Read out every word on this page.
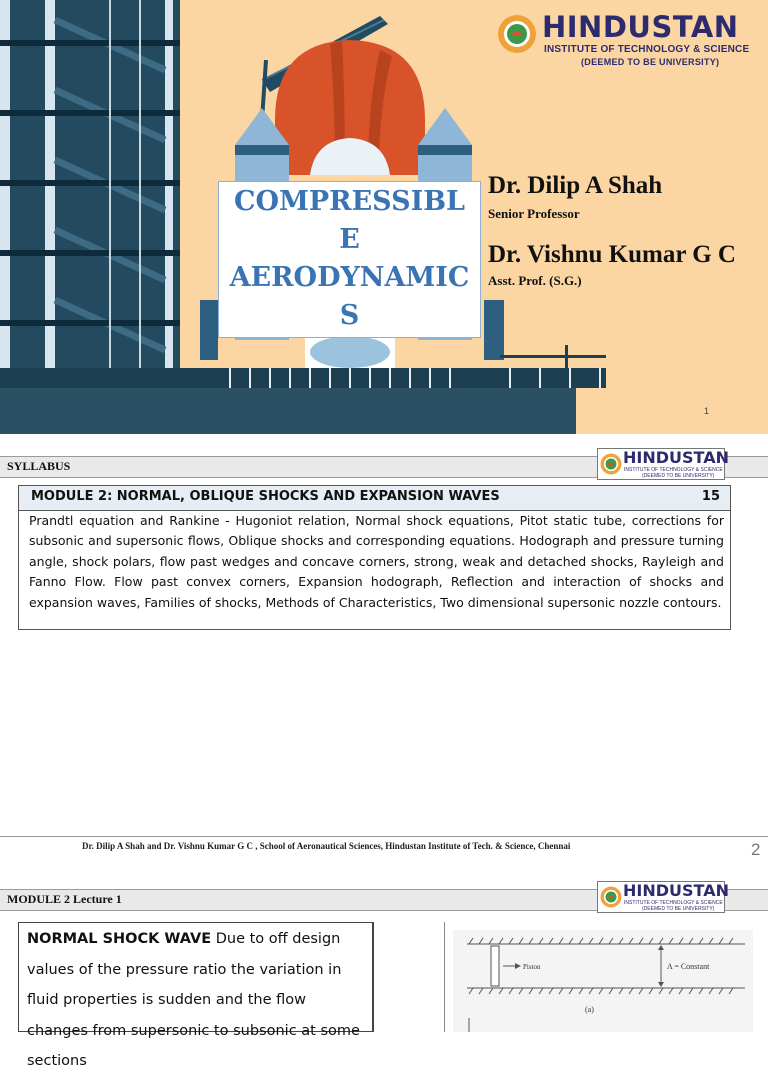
HINDUSTAN
INSTITUTE OF TECHNOLOGY & SCIENCE
(DEEMED TO BE UNIVERSITY)
COMPRESSIBL
E
AERODYNAMIC
S
Dr. Dilip A Shah
Senior Professor
Dr. Vishnu Kumar G C
Asst. Prof. (S.G.)
1
SYLLABUS	HINDUSTAN
INSTITUTE OF TECHNOLOGY & SCIENCE
(DEEMED TO BE UNIVERSITY)
MODULE 2: NORMAL, OBLIQUE SHOCKS AND EXPANSION WAVES	15
Prandtl equation and Rankine - Hugoniot relation, Normal shock equations, Pitot static tube, corrections for subsonic and supersonic flows, Oblique shocks and corresponding equations. Hodograph and pressure turning angle, shock polars, flow past wedges and concave corners, strong, weak and detached shocks, Rayleigh and Fanno Flow. Flow past convex corners, Expansion hodograph, Reflection and interaction of shocks and expansion waves, Families of shocks, Methods of Characteristics, Two dimensional supersonic nozzle contours.
Dr. Dilip A Shah and Dr. Vishnu Kumar G C , School of Aeronautical Sciences, Hindustan Institute of Tech. & Science, Chennai	2
MODULE 2 Lecture 1	HINDUSTAN
INSTITUTE OF TECHNOLOGY & SCIENCE
(DEEMED TO BE UNIVERSITY)
NORMAL SHOCK WAVE Due to off design values of the pressure ratio the variation in fluid properties is sudden and the flow changes from supersonic to subsonic at some sections
Piston	A = Constant
(a)
